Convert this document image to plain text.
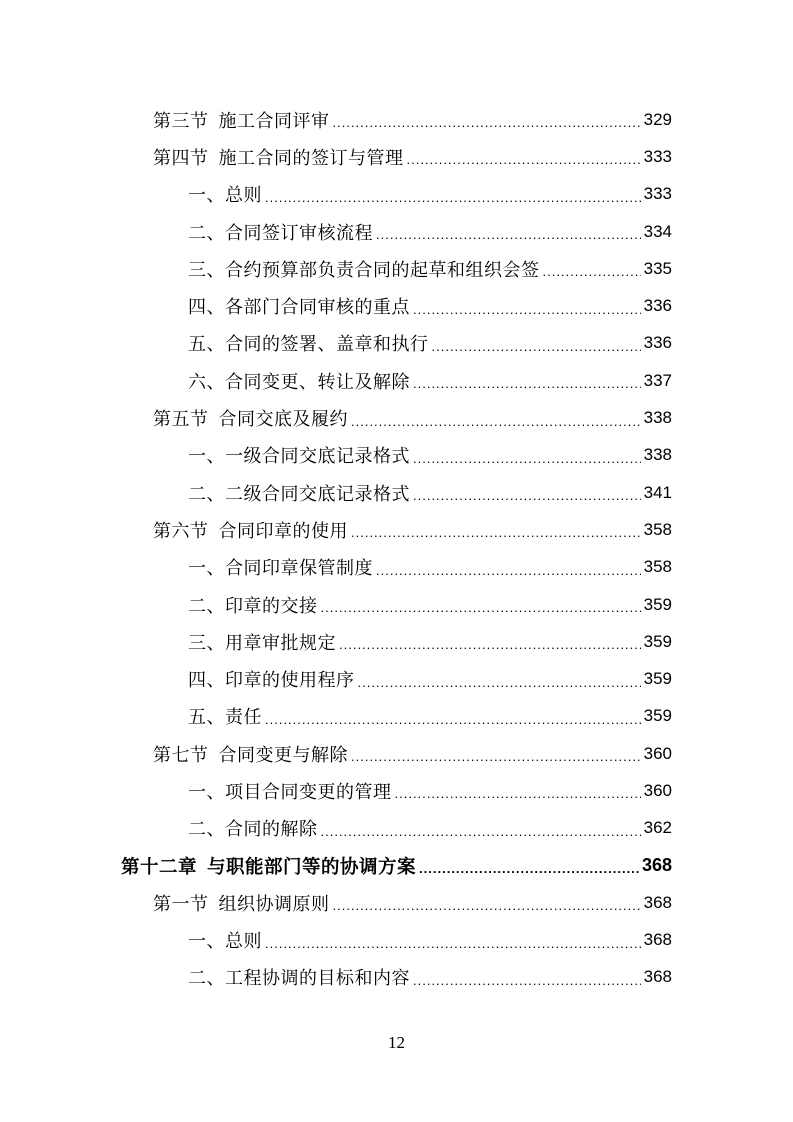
第三节 施工合同评审 .....	329
第四节 施工合同的签订与管理 .....	333
一、总则 .....	333
二、合同签订审核流程 .....	334
三、合约预算部负责合同的起草和组织会签 .....	335
四、各部门合同审核的重点 .....	336
五、合同的签署、盖章和执行 .....	336
六、合同变更、转让及解除 .....	337
第五节 合同交底及履约 .....	338
一、一级合同交底记录格式 .....	338
二、二级合同交底记录格式 .....	341
第六节 合同印章的使用 .....	358
一、合同印章保管制度 .....	358
二、印章的交接 .....	359
三、用章审批规定 .....	359
四、印章的使用程序 .....	359
五、责任 .....	359
第七节 合同变更与解除 .....	360
一、项目合同变更的管理 .....	360
二、合同的解除 .....	362
第十二章 与职能部门等的协调方案 .....	368
第一节 组织协调原则 .....	368
一、总则 .....	368
二、工程协调的目标和内容 .....	368
12
